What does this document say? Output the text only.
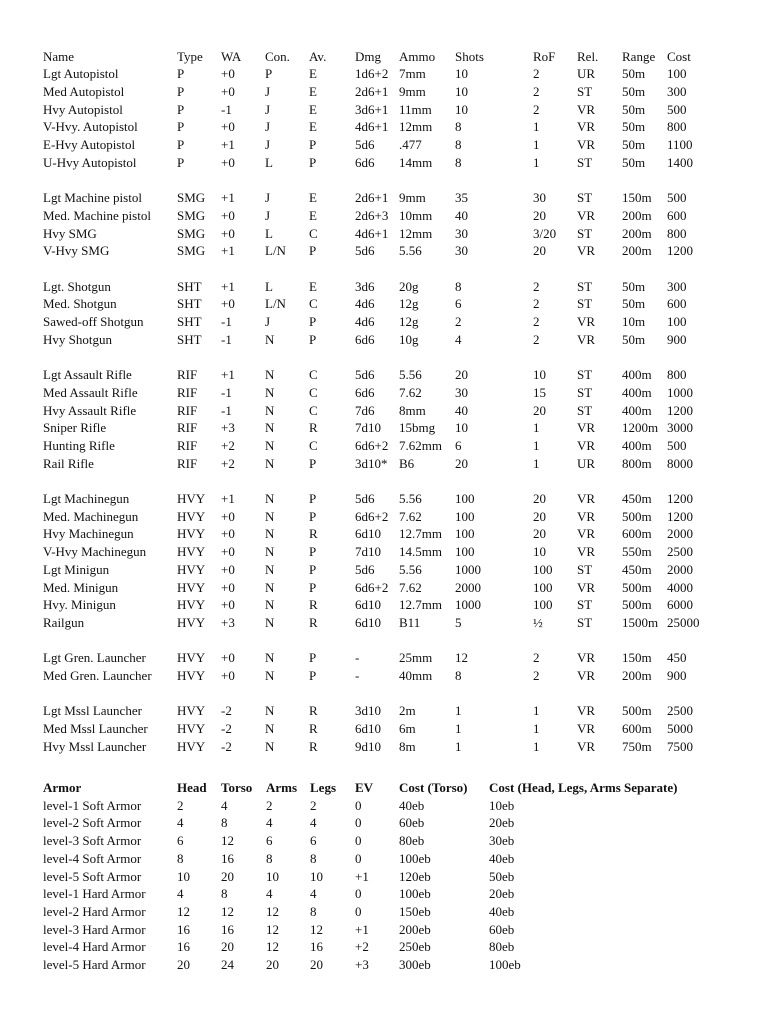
Name	Type WA Con. Av. Dmg Ammo Shots	RoF Rel. Range Cost
Lgt Autopistol	P	+0 P	E	1d6+2 7mm 10	2	UR 50m 100
Med Autopistol	P	+0 J	E	2d6+1 9mm 10	2	ST 50m 300
Hvy Autopistol	P	-1	J	E	3d6+1 11mm 10	2	VR 50m 500
V-Hvy. Autopistol	P	+0 J	E	4d6+1 12mm 8	1	VR 50m 800
E-Hvy Autopistol	P	+1 J	P	5d6 .477	8	1	VR 50m 1100
U-Hvy Autopistol	P	+0 L	P	6d6 14mm 8	1	ST 50m 1400
Lgt Machine pistol	SMG +1 J	E	2d6+1 9mm 35	30 ST 150m 500
Med. Machine pistol SMG +0 J	E	2d6+3 10mm 40	20 VR 200m 600
Hvy SMG	SMG +0 L	C	4d6+1 12mm 30	3/20 ST 200m 800
V-Hvy SMG	SMG +1 L/N P	5d6 5.56	30	20 VR 200m 1200
Lgt. Shotgun	SHT +1 L	E	3d6 20g	8	2	ST 50m 300
Med. Shotgun	SHT +0 L/N C	4d6 12g	6	2	ST 50m 600
Sawed-off Shotgun	SHT -1	J	P	4d6 12g	2	2	VR 10m 100
Hvy Shotgun	SHT -1	N	P	6d6 10g	4	2	VR 50m 900
Lgt Assault Rifle	RIF +1 N	C	5d6 5.56	20	10 ST 400m 800
Med Assault Rifle	RIF -1	N	C	6d6 7.62	30	15 ST 400m 1000
Hvy Assault Rifle	RIF -1	N	C	7d6 8mm 40	20 ST 400m 1200
Sniper Rifle	RIF +3 N	R	7d10 15bmg 10	1	VR 1200m 3000
Hunting Rifle	RIF +2 N	C	6d6+2 7.62mm 6	1	VR 400m 500
Rail Rifle	RIF +2 N	P	3d10* B6	20	1	UR 800m 8000
Lgt Machinegun	HVY +1 N	P	5d6 5.56	100	20 VR 450m 1200
Med. Machinegun	HVY +0 N	P	6d6+2 7.62	100	20 VR 500m 1200
Hvy Machinegun	HVY +0 N	R	6d10 12.7mm 100	20 VR 600m 2000
V-Hvy Machinegun HVY +0 N	P	7d10 14.5mm 100	10 VR 550m 2500
Lgt Minigun	HVY +0 N	P	5d6 5.56	1000	100 ST 450m 2000
Med. Minigun	HVY +0 N	P	6d6+2 7.62	2000	100 VR 500m 4000
Hvy. Minigun	HVY +0 N	R	6d10 12.7mm 1000	100 ST 500m 6000
Railgun	HVY +3 N	R	6d10 B11	5	½	ST 1500m 25000
Lgt Gren. Launcher HVY +0 N	P	-	25mm 12	2	VR 150m 450
Med Gren. Launcher HVY +0 N	P	-	40mm 8	2	VR 200m 900
Lgt Mssl Launcher	HVY -2	N	R	3d10 2m	1	1	VR 500m 2500
Med Mssl Launcher HVY -2	N	R	6d10 6m	1	1	VR 600m 5000
Hvy Mssl Launcher HVY -2	N	R	9d10 8m	1	1	VR 750m 7500
Armor	Head Torso Arms Legs EV Cost (Torso) Cost (Head, Legs, Arms Separate)
level-1 Soft Armor	2	4	2	2	0	40eb	10eb
level-2 Soft Armor	4	8	4	4	0	60eb	20eb
level-3 Soft Armor	6	12 6	6	0	80eb	30eb
level-4 Soft Armor	8	16 8	8	0	100eb	40eb
level-5 Soft Armor	10 20 10 10 +1 120eb	50eb
level-1 Hard Armor 4	8	4	4	0	100eb	20eb
level-2 Hard Armor 12 12 12 8	0	150eb	40eb
level-3 Hard Armor 16 16 12 12 +1 200eb	60eb
level-4 Hard Armor 16 20 12 16 +2 250eb	80eb
level-5 Hard Armor 20 24 20 20 +3 300eb	100eb
